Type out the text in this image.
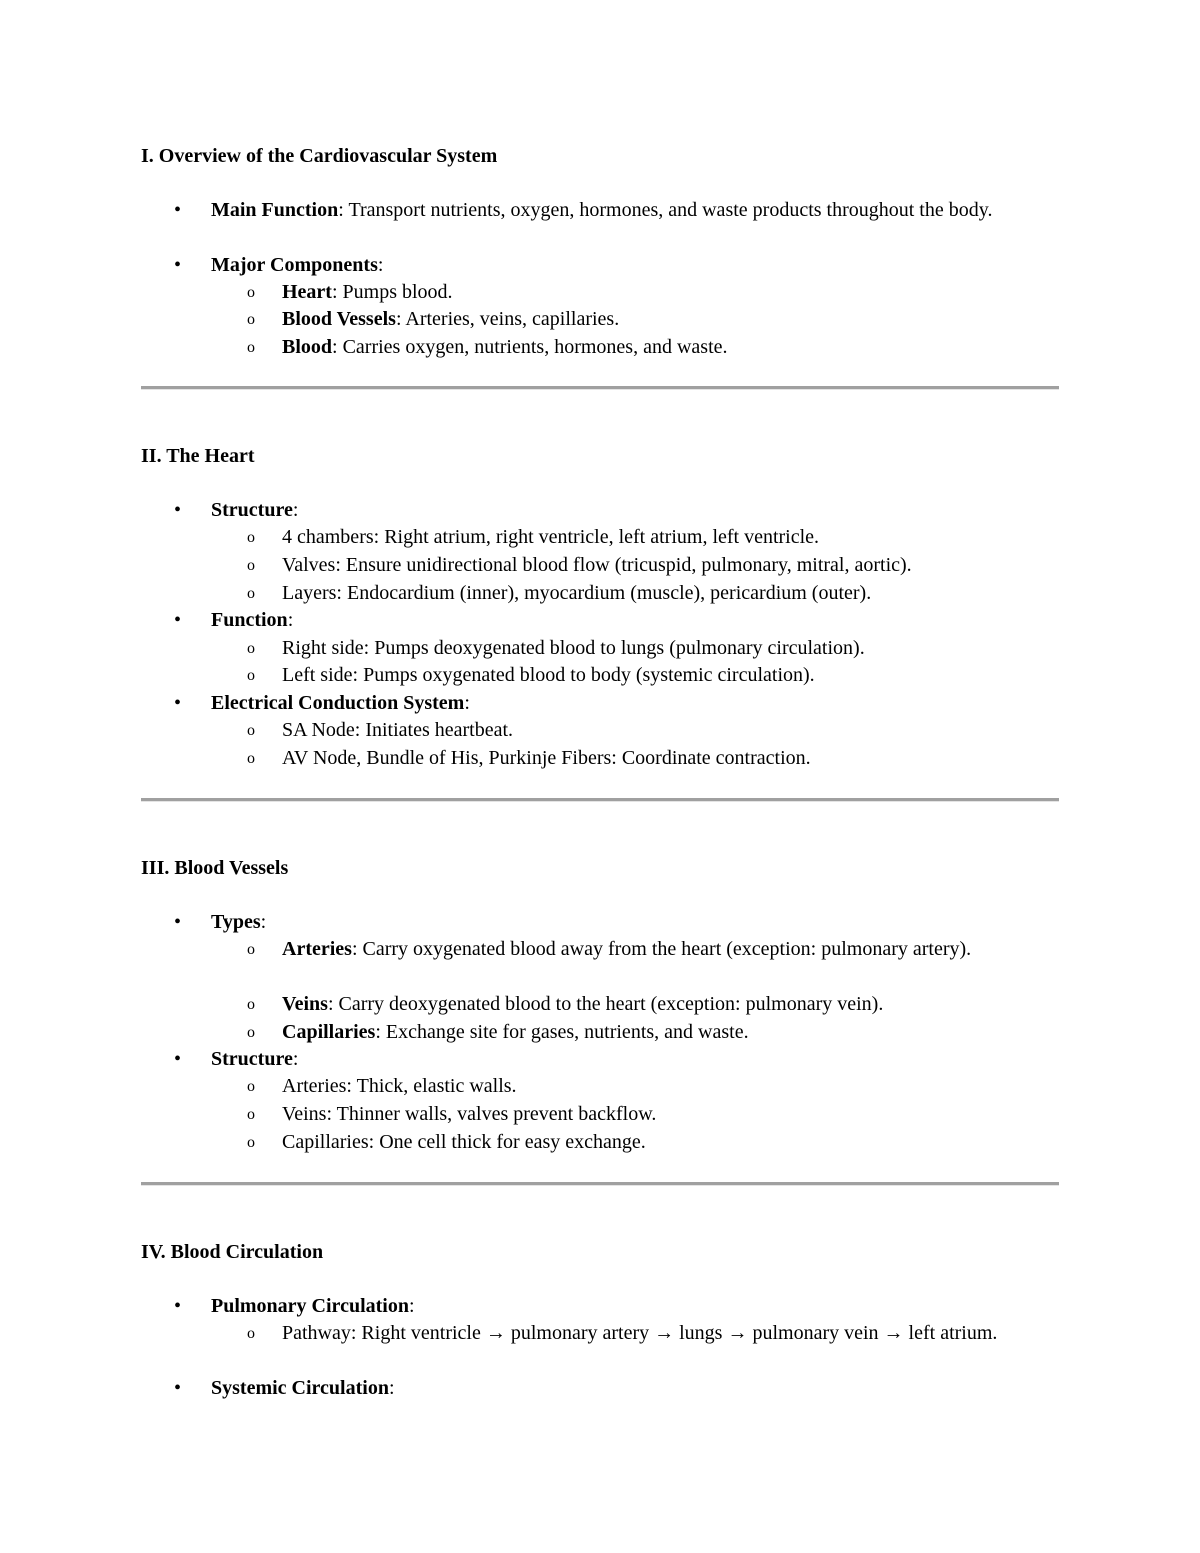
I. Overview of the Cardiovascular System
•	Main Function: Transport nutrients, oxygen, hormones, and waste products throughout the body.
•	Major Components:
o	Heart: Pumps blood.
o	Blood Vessels: Arteries, veins, capillaries.
o	Blood: Carries oxygen, nutrients, hormones, and waste.
II. The Heart
•	Structure:
o	4 chambers: Right atrium, right ventricle, left atrium, left ventricle.
o	Valves: Ensure unidirectional blood flow (tricuspid, pulmonary, mitral, aortic).
o	Layers: Endocardium (inner), myocardium (muscle), pericardium (outer).
•	Function:
o	Right side: Pumps deoxygenated blood to lungs (pulmonary circulation).
o	Left side: Pumps oxygenated blood to body (systemic circulation).
•	Electrical Conduction System:
o	SA Node: Initiates heartbeat.
o	AV Node, Bundle of His, Purkinje Fibers: Coordinate contraction.
III. Blood Vessels
•	Types:
o	Arteries: Carry oxygenated blood away from the heart (exception: pulmonary artery).
o	Veins: Carry deoxygenated blood to the heart (exception: pulmonary vein).
o	Capillaries: Exchange site for gases, nutrients, and waste.
•	Structure:
o	Arteries: Thick, elastic walls.
o	Veins: Thinner walls, valves prevent backflow.
o	Capillaries: One cell thick for easy exchange.
IV. Blood Circulation
•	Pulmonary Circulation:
o	Pathway: Right ventricle → pulmonary artery → lungs → pulmonary vein → left atrium.
•	Systemic Circulation:
